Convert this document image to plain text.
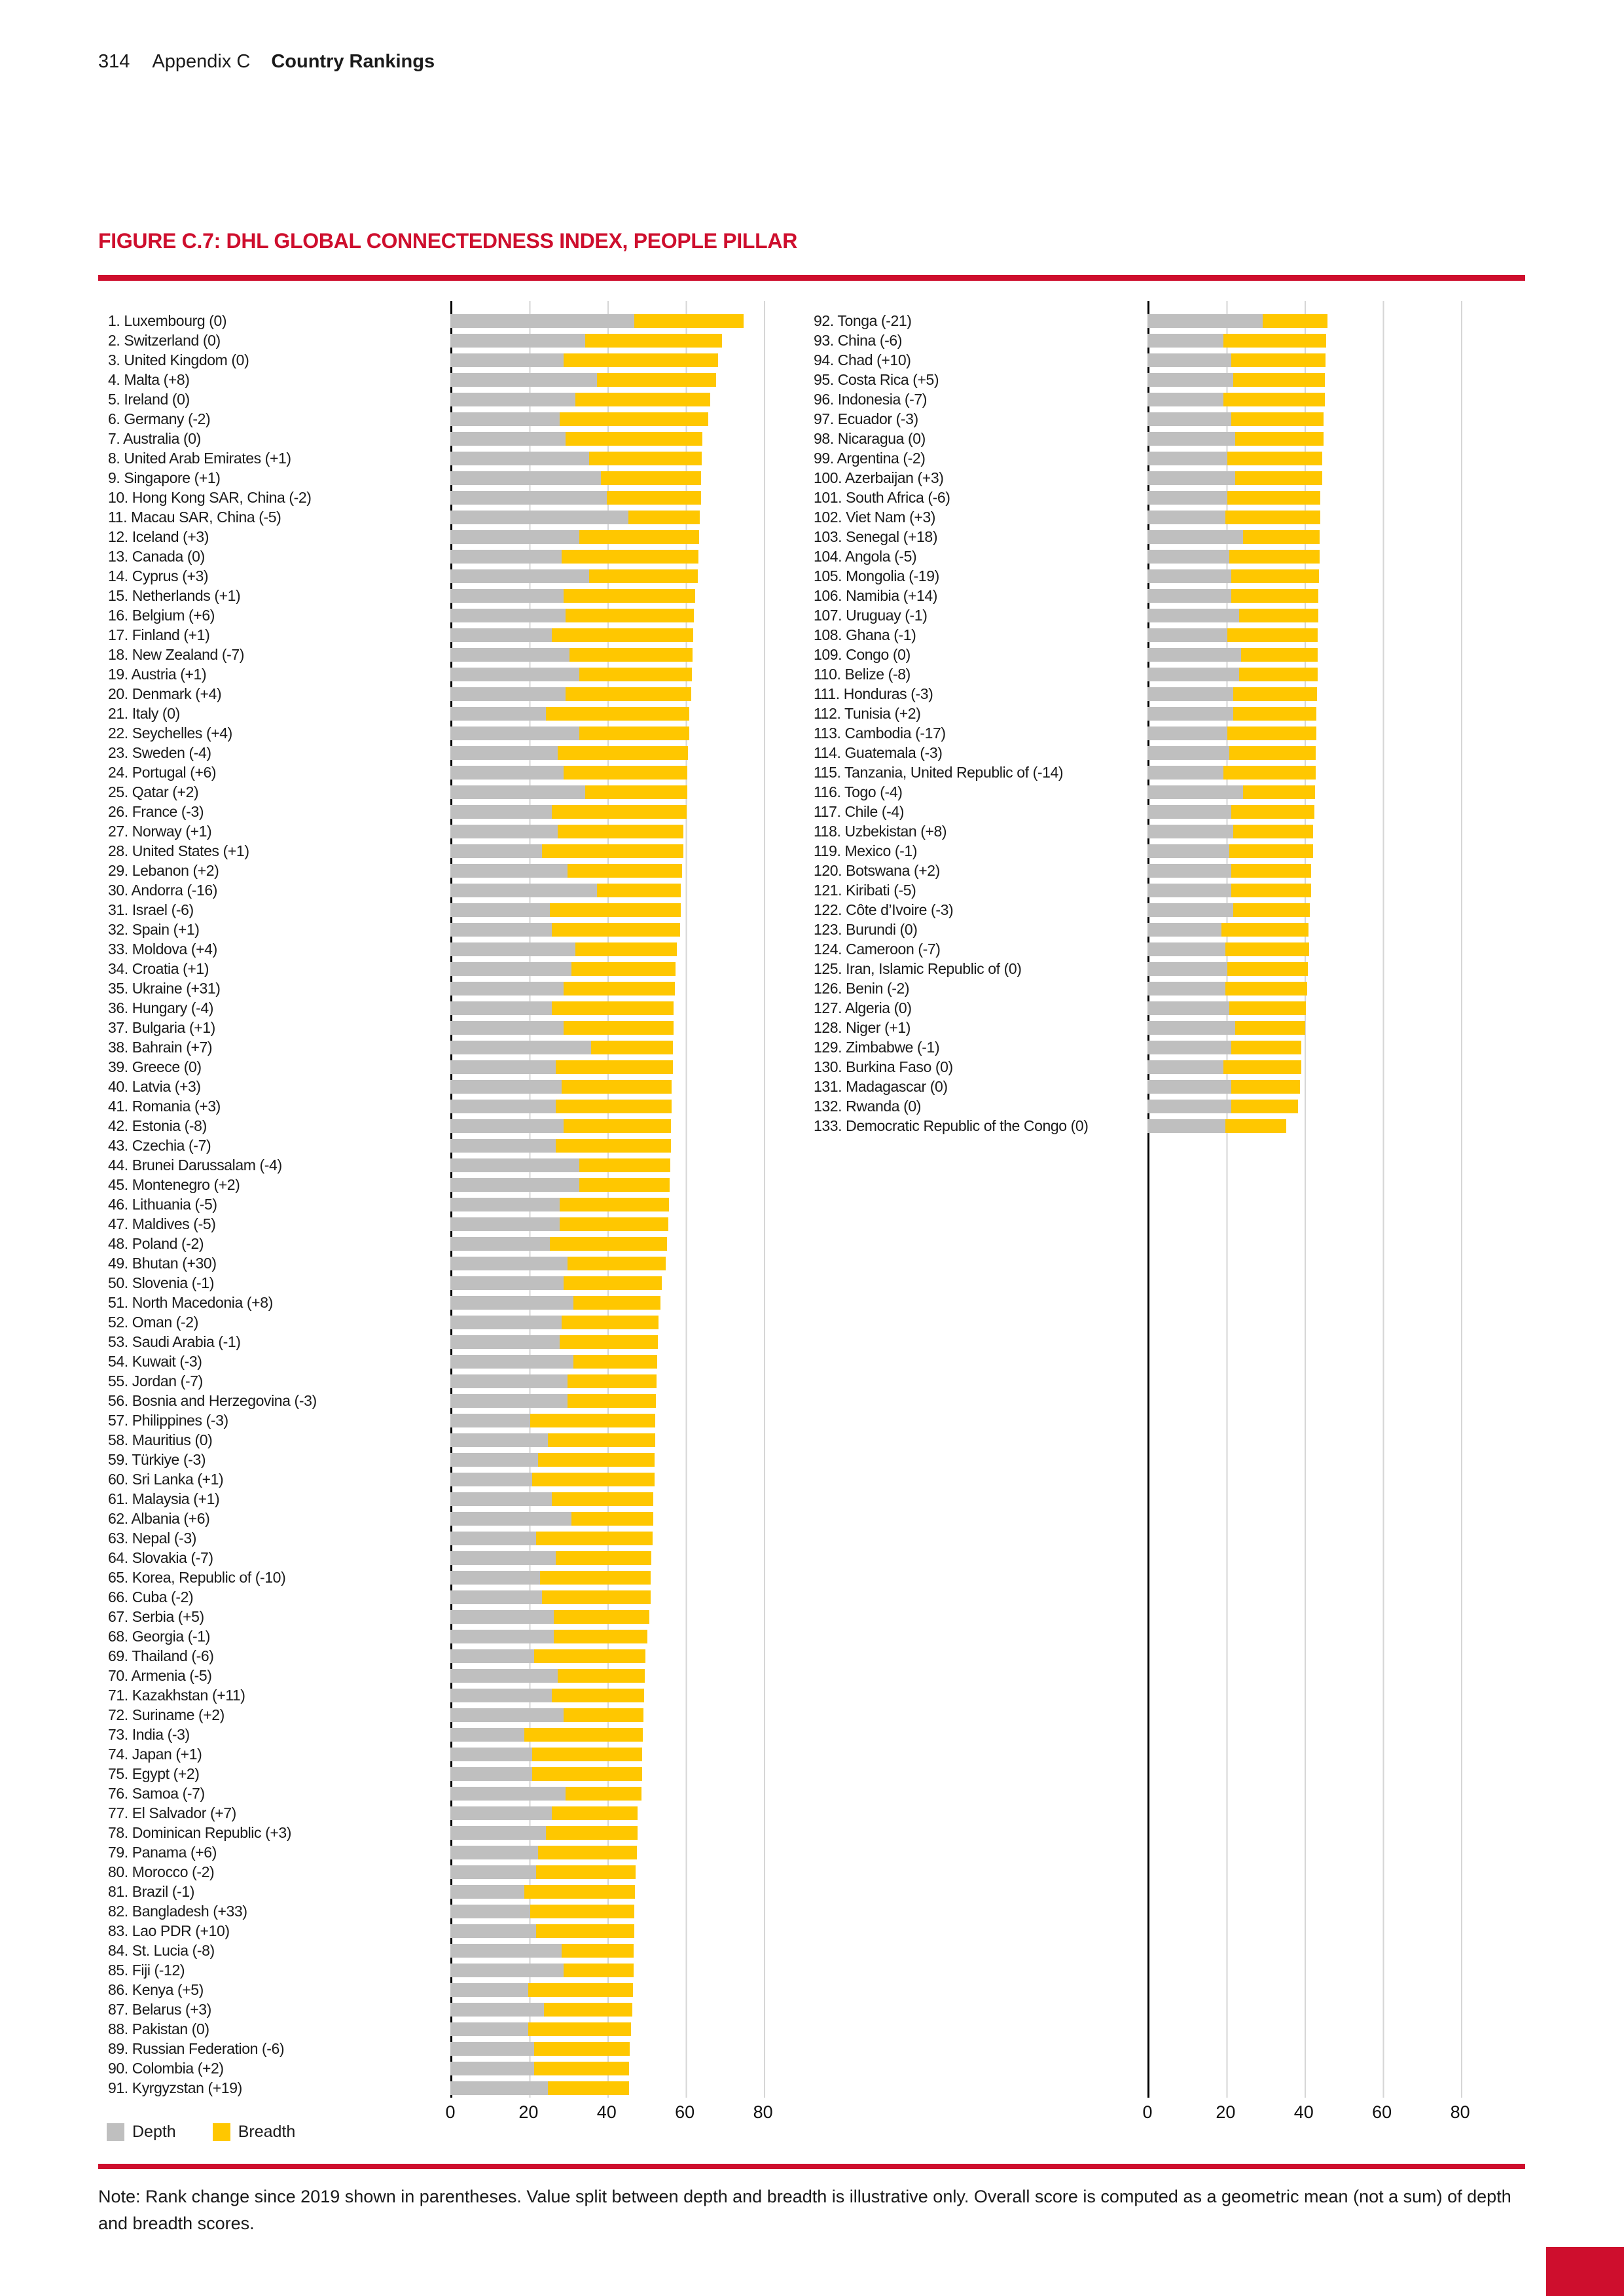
314 Appendix C Country Rankings
FIGURE C.7: DHL GLOBAL CONNECTEDNESS INDEX, PEOPLE PILLAR
1. Luxembourg (0)
2. Switzerland (0)
3. United Kingdom (0)
4. Malta (+8)
5. Ireland (0)
6. Germany (-2)
7. Australia (0)
8. United Arab Emirates (+1)
9. Singapore (+1)
10. Hong Kong SAR, China (-2)
11. Macau SAR, China (-5)
12. Iceland (+3)
13. Canada (0)
14. Cyprus (+3)
15. Netherlands (+1)
16. Belgium (+6)
17. Finland (+1)
18. New Zealand (-7)
19. Austria (+1)
20. Denmark (+4)
21. Italy (0)
22. Seychelles (+4)
23. Sweden (-4)
24. Portugal (+6)
25. Qatar (+2)
26. France (-3)
27. Norway (+1)
28. United States (+1)
29. Lebanon (+2)
30. Andorra (-16)
31. Israel (-6)
32. Spain (+1)
33. Moldova (+4)
34. Croatia (+1)
35. Ukraine (+31)
36. Hungary (-4)
37. Bulgaria (+1)
38. Bahrain (+7)
39. Greece (0)
40. Latvia (+3)
41. Romania (+3)
42. Estonia (-8)
43. Czechia (-7)
44. Brunei Darussalam (-4)
45. Montenegro (+2)
46. Lithuania (-5)
47. Maldives (-5)
48. Poland (-2)
49. Bhutan (+30)
50. Slovenia (-1)
51. North Macedonia (+8)
52. Oman (-2)
53. Saudi Arabia (-1)
54. Kuwait (-3)
55. Jordan (-7)
56. Bosnia and Herzegovina (-3)
57. Philippines (-3)
58. Mauritius (0)
59. Türkiye (-3)
60. Sri Lanka (+1)
61. Malaysia (+1)
62. Albania (+6)
63. Nepal (-3)
64. Slovakia (-7)
65. Korea, Republic of (-10)
66. Cuba (-2)
67. Serbia (+5)
68. Georgia (-1)
69. Thailand (-6)
70. Armenia (-5)
71. Kazakhstan (+11)
72. Suriname (+2)
73. India (-3)
74. Japan (+1)
75. Egypt (+2)
76. Samoa (-7)
77. El Salvador (+7)
78. Dominican Republic (+3)
79. Panama (+6)
80. Morocco (-2)
81. Brazil (-1)
82. Bangladesh (+33)
83. Lao PDR (+10)
84. St. Lucia (-8)
85. Fiji (-12)
86. Kenya (+5)
87. Belarus (+3)
88. Pakistan (0)
89. Russian Federation (-6)
90. Colombia (+2)
91. Kyrgyzstan (+19)
92. Tonga (-21)
93. China (-6)
94. Chad (+10)
95. Costa Rica (+5)
96. Indonesia (-7)
97. Ecuador (-3)
98. Nicaragua (0)
99. Argentina (-2)
100. Azerbaijan (+3)
101. South Africa (-6)
102. Viet Nam (+3)
103. Senegal (+18)
104. Angola (-5)
105. Mongolia (-19)
106. Namibia (+14)
107. Uruguay (-1)
108. Ghana (-1)
109. Congo (0)
110. Belize (-8)
111. Honduras (-3)
112. Tunisia (+2)
113. Cambodia (-17)
114. Guatemala (-3)
115. Tanzania, United Republic of (-14)
116. Togo (-4)
117. Chile (-4)
118. Uzbekistan (+8)
119. Mexico (-1)
120. Botswana (+2)
121. Kiribati (-5)
122. Côte d’Ivoire (-3)
123. Burundi (0)
124. Cameroon (-7)
125. Iran, Islamic Republic of (0)
126. Benin (-2)
127. Algeria (0)
128. Niger (+1)
129. Zimbabwe (-1)
130. Burkina Faso (0)
131. Madagascar (0)
132. Rwanda (0)
133. Democratic Republic of the Congo (0)
0	20	40	60	80	0	20	40	60	80
Depth	Breadth
Note: Rank change since 2019 shown in parentheses. Value split between depth and breadth is illustrative only. Overall score is computed as a geometric mean (not a sum) of depth and breadth scores.
